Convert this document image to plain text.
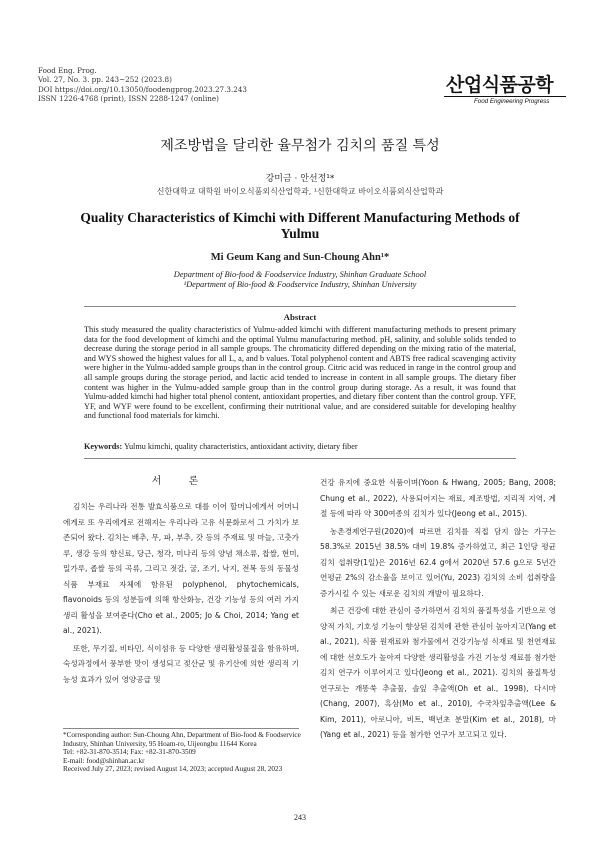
Food Eng. Prog.
Vol. 27, No. 3. pp. 243~252 (2023.8)
DOI https://doi.org/10.13050/foodengprog.2023.27.3.243
ISSN 1226-4768 (print), ISSN 2288-1247 (online)
산업식품공학
Food Engineering Progress
제조방법을 달리한 율무첨가 김치의 품질 특성
강미금 · 안선정¹*
신한대학교 대학원 바이오식품외식산업학과, ¹신한대학교 바이오식품외식산업학과
Quality Characteristics of Kimchi with Different Manufacturing Methods of Yulmu
Mi Geum Kang and Sun-Choung Ahn¹*
Department of Bio-food & Foodservice Industry, Shinhan Graduate School
¹Department of Bio-food & Foodservice Industry, Shinhan University
Abstract
This study measured the quality characteristics of Yulmu-added kimchi with different manufacturing methods to present primary data for the food development of kimchi and the optimal Yulmu manufacturing method. pH, salinity, and soluble solids tended to decrease during the storage period in all sample groups. The chromaticity differed depending on the mixing ratio of the material, and WYS showed the highest values for all L, a, and b values. Total polyphenol content and ABTS free radical scavenging activity were higher in the Yulmu-added sample groups than in the control group. Citric acid was reduced in range in the control group and all sample groups during the storage period, and lactic acid tended to increase in content in all sample groups. The dietary fiber content was higher in the Yulmu-added sample group than in the control group during storage. As a result, it was found that Yulmu-added kimchi had higher total phenol content, antioxidant properties, and dietary fiber content than the control group. YFF, YF, and WYF were found to be excellent, confirming their nutritional value, and are considered suitable for developing healthy and functional food materials for kimchi.
Keywords: Yulmu kimchi, quality characteristics, antioxidant activity, dietary fiber
서 론

김치는 우리나라 전통 발효식품으로 대를 이어 할머니에게서 어머니에게로 또 우리에게로 전해지는 우리나라 고유 식문화로서 그 가치가 보존되어 왔다. 김치는 배추, 무, 파, 부추, 갓 등의 주재료 및 마늘, 고춧가루, 생강 등의 향신료, 당근, 청각, 미나리 등의 양념 채소류, 찹쌀, 현미, 밀가루, 좁쌀 등의 곡류, 그리고 젓갈, 굴, 조기, 낙지, 전복 등의 동물성 식품 부재료 자체에 함유된 polyphenol, phytochemicals, flavonoids 등의 성분들에 의해 항산화능, 건강 기능성 등의 여러 가지 생리 활성을 보여준다(Cho et al., 2005; Jo & Choi, 2014; Yang et al., 2021).

또한, 무기질, 비타민, 식이섬유 등 다양한 생리활성물질을 함유하며, 숙성과정에서 풍부한 맛이 생성되고 젖산균 및 유기산에 의한 생리적 기능성 효과가 있어 영양공급 및

건강 유지에 중요한 식품이며(Yoon & Hwang, 2005; Bang, 2008; Chung et al., 2022), 사용되어지는 재료, 제조방법, 지리적 지역, 계절 등에 따라 약 300여종의 김치가 있다(Jeong et al., 2015).

농촌경제연구원(2020)에 따르면 김치를 직접 담지 않는 가구는 58.3%로 2015년 38.5% 대비 19.8% 증가하였고, 최근 1인당 평균 김치 섭취량(1일)은 2016년 62.4 g에서 2020년 57.6 g으로 5년간 연평균 2%의 감소율을 보이고 있어(Yu, 2023) 김치의 소비 섭취량을 증가시킬 수 있는 새로운 김치의 개발이 필요하다.

최근 건강에 대한 관심이 증가하면서 김치의 품질특성을 기반으로 영양적 가치, 기호성 기능이 향상된 김치에 관한 관심이 높아지고(Yang et al., 2021), 식품 원재료와 첨가물에서 건강기능성 식재료 및 천연재료에 대한 선호도가 높아져 다양한 생리활성을 가진 기능성 재료를 첨가한 김치 연구가 이루어지고 있다(Jeong et al., 2021). 김치의 품질특성 연구로는 개똥쑥 추출물, 솔잎 추출액(Oh et al., 1998), 다시마(Chang, 2007), 흑삼(Mo et al., 2010), 수국차잎추출액(Lee & Kim, 2011), 아로니아, 비트, 백년초 분말(Kim et al., 2018), 마(Yang et al., 2021) 등을 첨가한 연구가 보고되고 있다.

*Corresponding author: Sun-Choung Ahn, Department of Bio-food & Foodservice Industry, Shinhan University, 95 Hoam-ro, Uijeongbu 11644 Korea
Tel: +82-31-870-3514; Fax: +82-31-870-3509
E-mail: food@shinhan.ac.kr
Received July 27, 2023; revised August 14, 2023; accepted August 28, 2023
243
